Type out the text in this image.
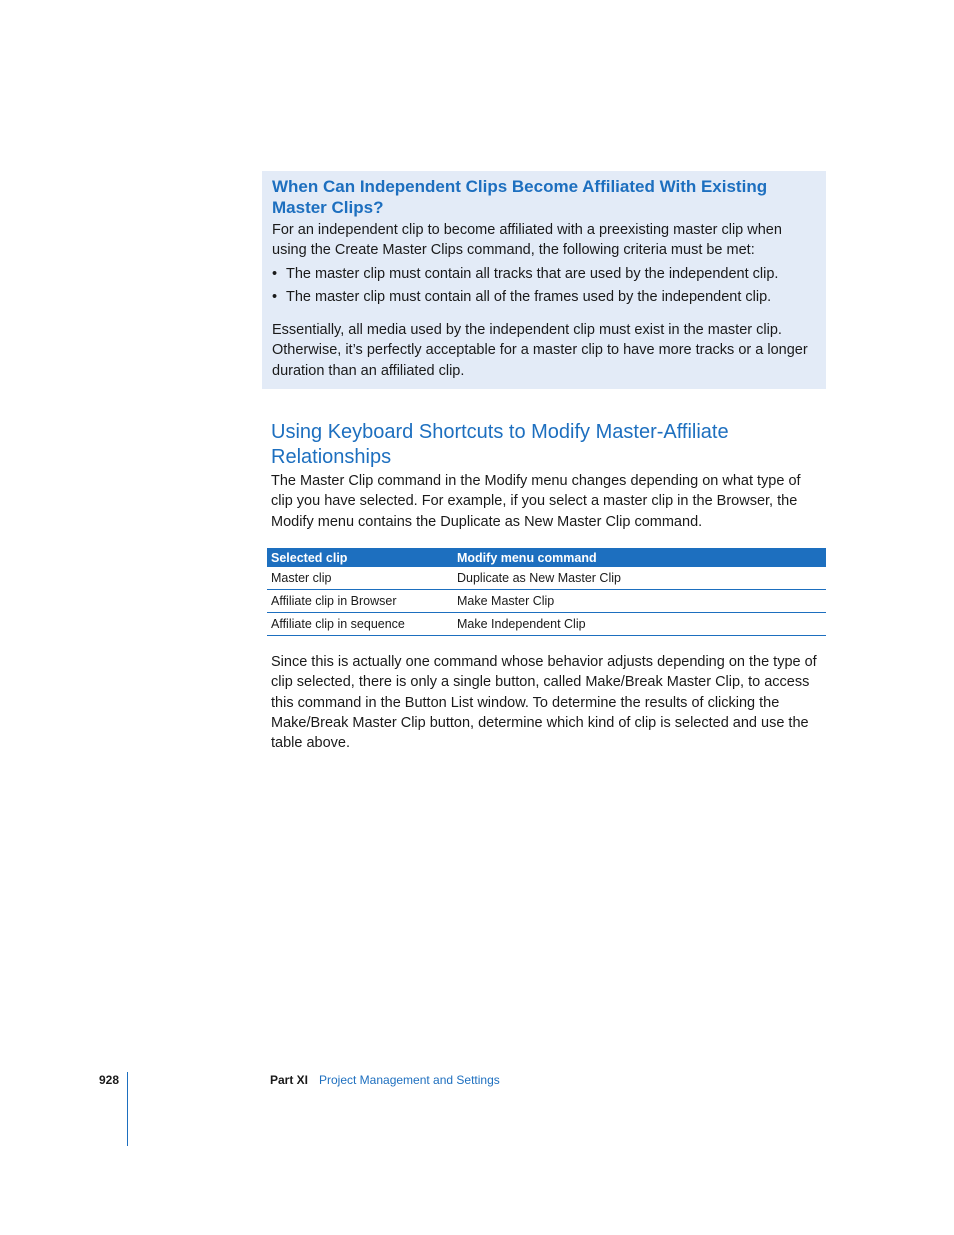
When Can Independent Clips Become Affiliated With Existing Master Clips?

For an independent clip to become affiliated with a preexisting master clip when using the Create Master Clips command, the following criteria must be met:

• The master clip must contain all tracks that are used by the independent clip.
• The master clip must contain all of the frames used by the independent clip.

Essentially, all media used by the independent clip must exist in the master clip. Otherwise, it’s perfectly acceptable for a master clip to have more tracks or a longer duration than an affiliated clip.

Using Keyboard Shortcuts to Modify Master-Affiliate Relationships

The Master Clip command in the Modify menu changes depending on what type of clip you have selected. For example, if you select a master clip in the Browser, the Modify menu contains the Duplicate as New Master Clip command.

Selected clip	Modify menu command
Master clip	Duplicate as New Master Clip
Affiliate clip in Browser	Make Master Clip
Affiliate clip in sequence	Make Independent Clip

Since this is actually one command whose behavior adjusts depending on the type of clip selected, there is only a single button, called Make/Break Master Clip, to access this command in the Button List window. To determine the results of clicking the Make/Break Master Clip button, determine which kind of clip is selected and use the table above.

928	Part XI Project Management and Settings
